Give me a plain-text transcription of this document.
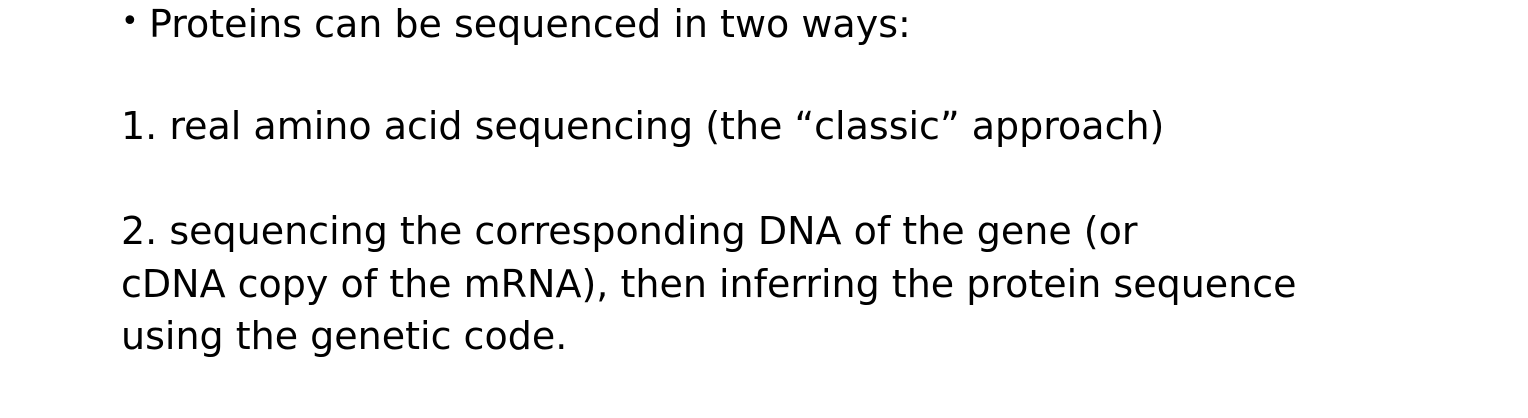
• Proteins can be sequenced in two ways:
1. real amino acid sequencing (the “classic” approach)
2. sequencing the corresponding DNA of the gene (or
cDNA copy of the mRNA), then inferring the protein sequence
using the genetic code.
